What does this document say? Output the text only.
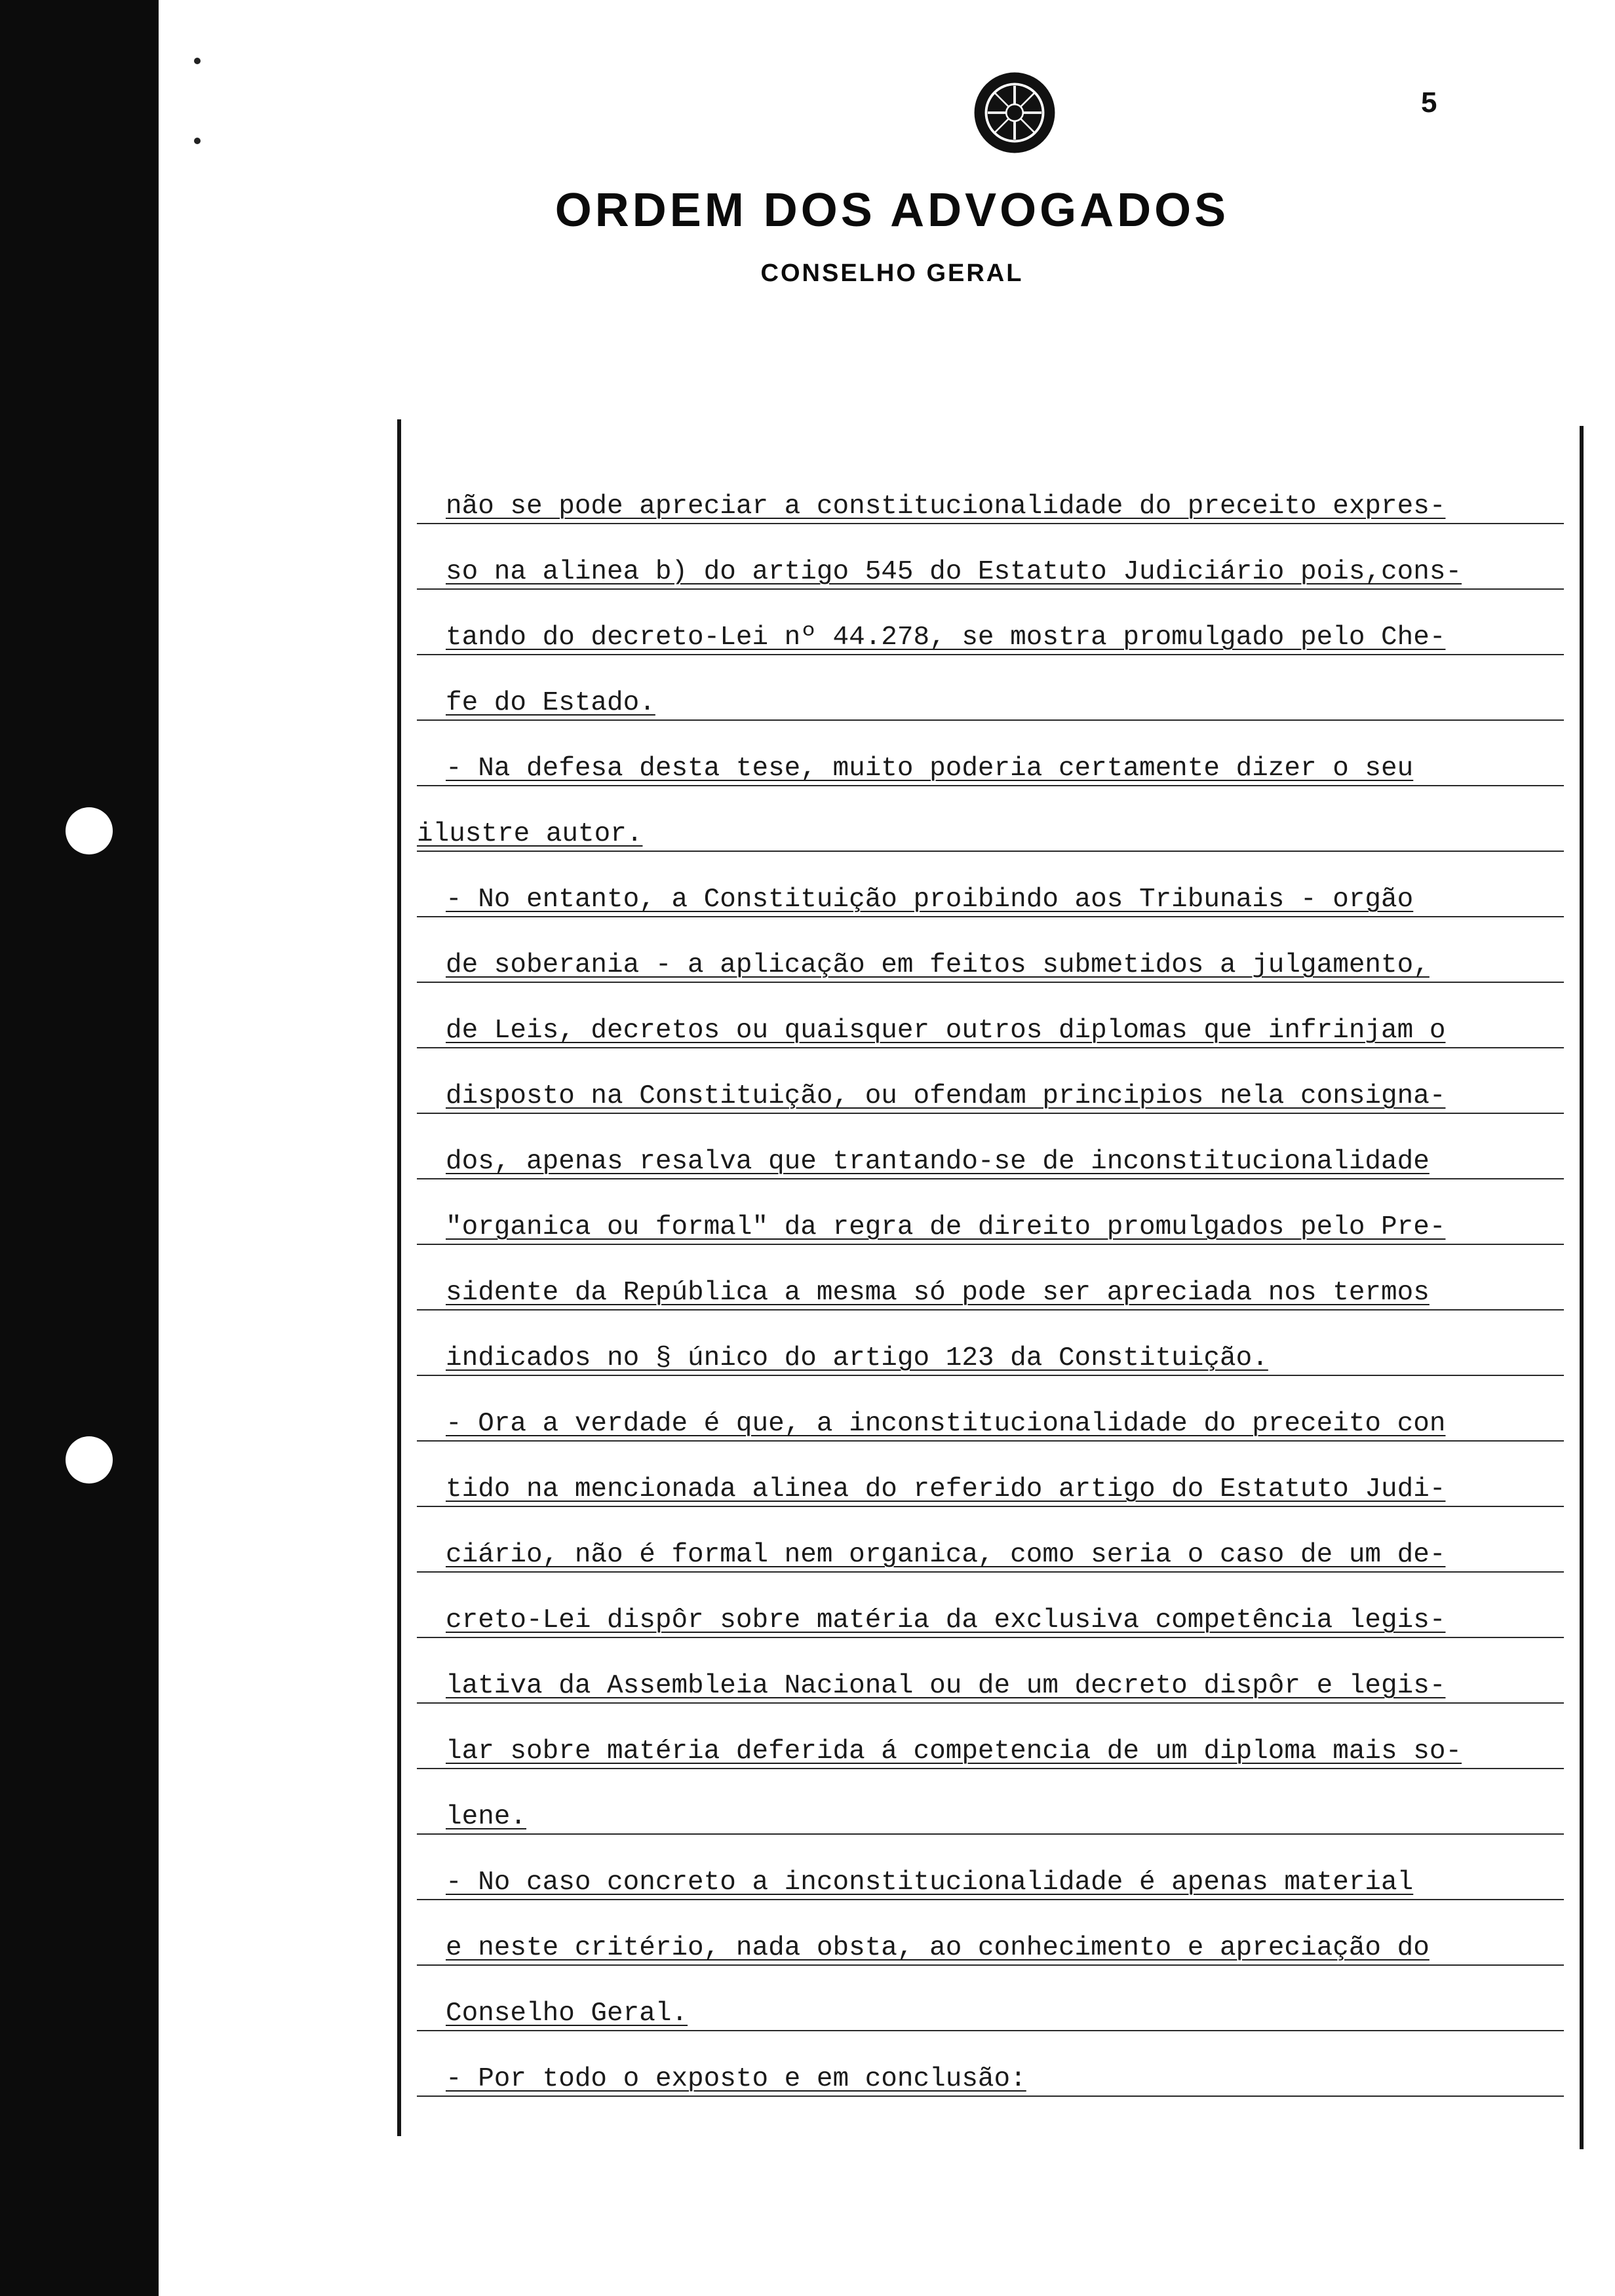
5
ORDEM DOS ADVOGADOS
CONSELHO GERAL
não se pode apreciar a constitucionalidade do preceito expres-
so na alinea b) do artigo 545 do Estatuto Judiciário pois,cons-
tando do decreto-Lei nº 44.278, se mostra promulgado pelo Che-
fe do Estado.
- Na defesa desta tese, muito poderia certamente dizer o seu
ilustre autor.
- No entanto, a Constituição proibindo aos Tribunais - orgão
de soberania - a aplicação em feitos submetidos a julgamento,
de Leis, decretos ou quaisquer outros diplomas que infrinjam o
disposto na Constituição, ou ofendam principios nela consigna-
dos, apenas resalva que trantando-se de inconstitucionalidade
"organica ou formal" da regra de direito promulgados pelo Pre-
sidente da República a mesma só pode ser apreciada nos termos
indicados no § único do artigo 123 da Constituição.
- Ora a verdade é que, a inconstitucionalidade do preceito con
tido na mencionada alinea do referido artigo do Estatuto Judi-
ciário, não é formal nem organica, como seria o caso de um de-
creto-Lei dispôr sobre matéria da exclusiva competência legis-
lativa da Assembleia Nacional ou de um decreto dispôr e legis-
lar sobre matéria deferida á competencia de um diploma mais so-
lene.
- No caso concreto a inconstitucionalidade é apenas material
e neste critério, nada obsta, ao conhecimento e apreciação do
Conselho Geral.
- Por todo o exposto e em conclusão:
